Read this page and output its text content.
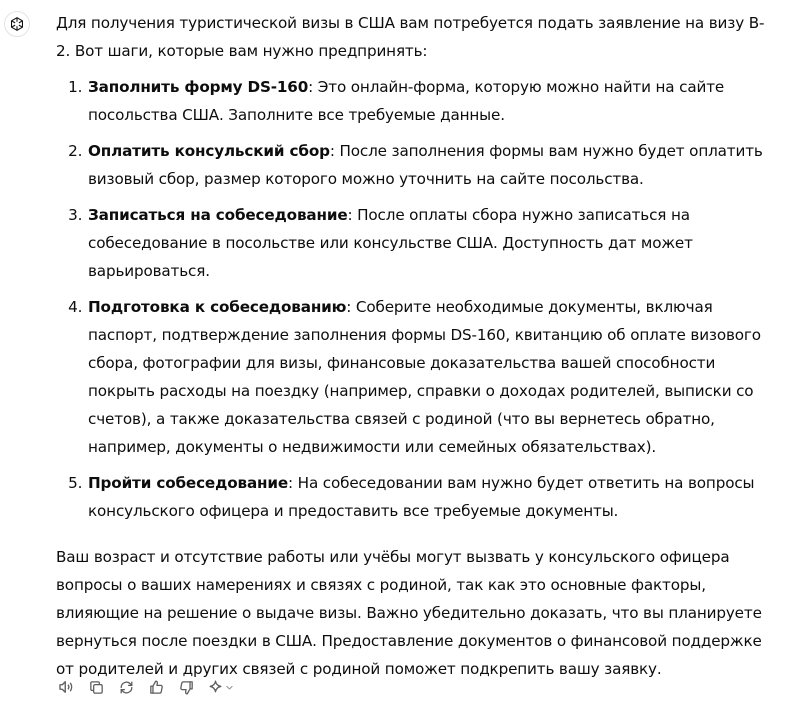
Для получения туристической визы в США вам потребуется подать заявление на визу B-2. Вот шаги, которые вам нужно предпринять:

1. Заполнить форму DS-160: Это онлайн-форма, которую можно найти на сайте посольства США. Заполните все требуемые данные.
2. Оплатить консульский сбор: После заполнения формы вам нужно будет оплатить визовый сбор, размер которого можно уточнить на сайте посольства.
3. Записаться на собеседование: После оплаты сбора нужно записаться на собеседование в посольстве или консульстве США. Доступность дат может варьироваться.
4. Подготовка к собеседованию: Соберите необходимые документы, включая паспорт, подтверждение заполнения формы DS-160, квитанцию об оплате визового сбора, фотографии для визы, финансовые доказательства вашей способности покрыть расходы на поездку (например, справки о доходах родителей, выписки со счетов), а также доказательства связей с родиной (что вы вернетесь обратно, например, документы о недвижимости или семейных обязательствах).
5. Пройти собеседование: На собеседовании вам нужно будет ответить на вопросы консульского офицера и предоставить все требуемые документы.

Ваш возраст и отсутствие работы или учёбы могут вызвать у консульского офицера вопросы о ваших намерениях и связях с родиной, так как это основные факторы, влияющие на решение о выдаче визы. Важно убедительно доказать, что вы планируете вернуться после поездки в США. Предоставление документов о финансовой поддержке от родителей и других связей с родиной поможет подкрепить вашу заявку.
